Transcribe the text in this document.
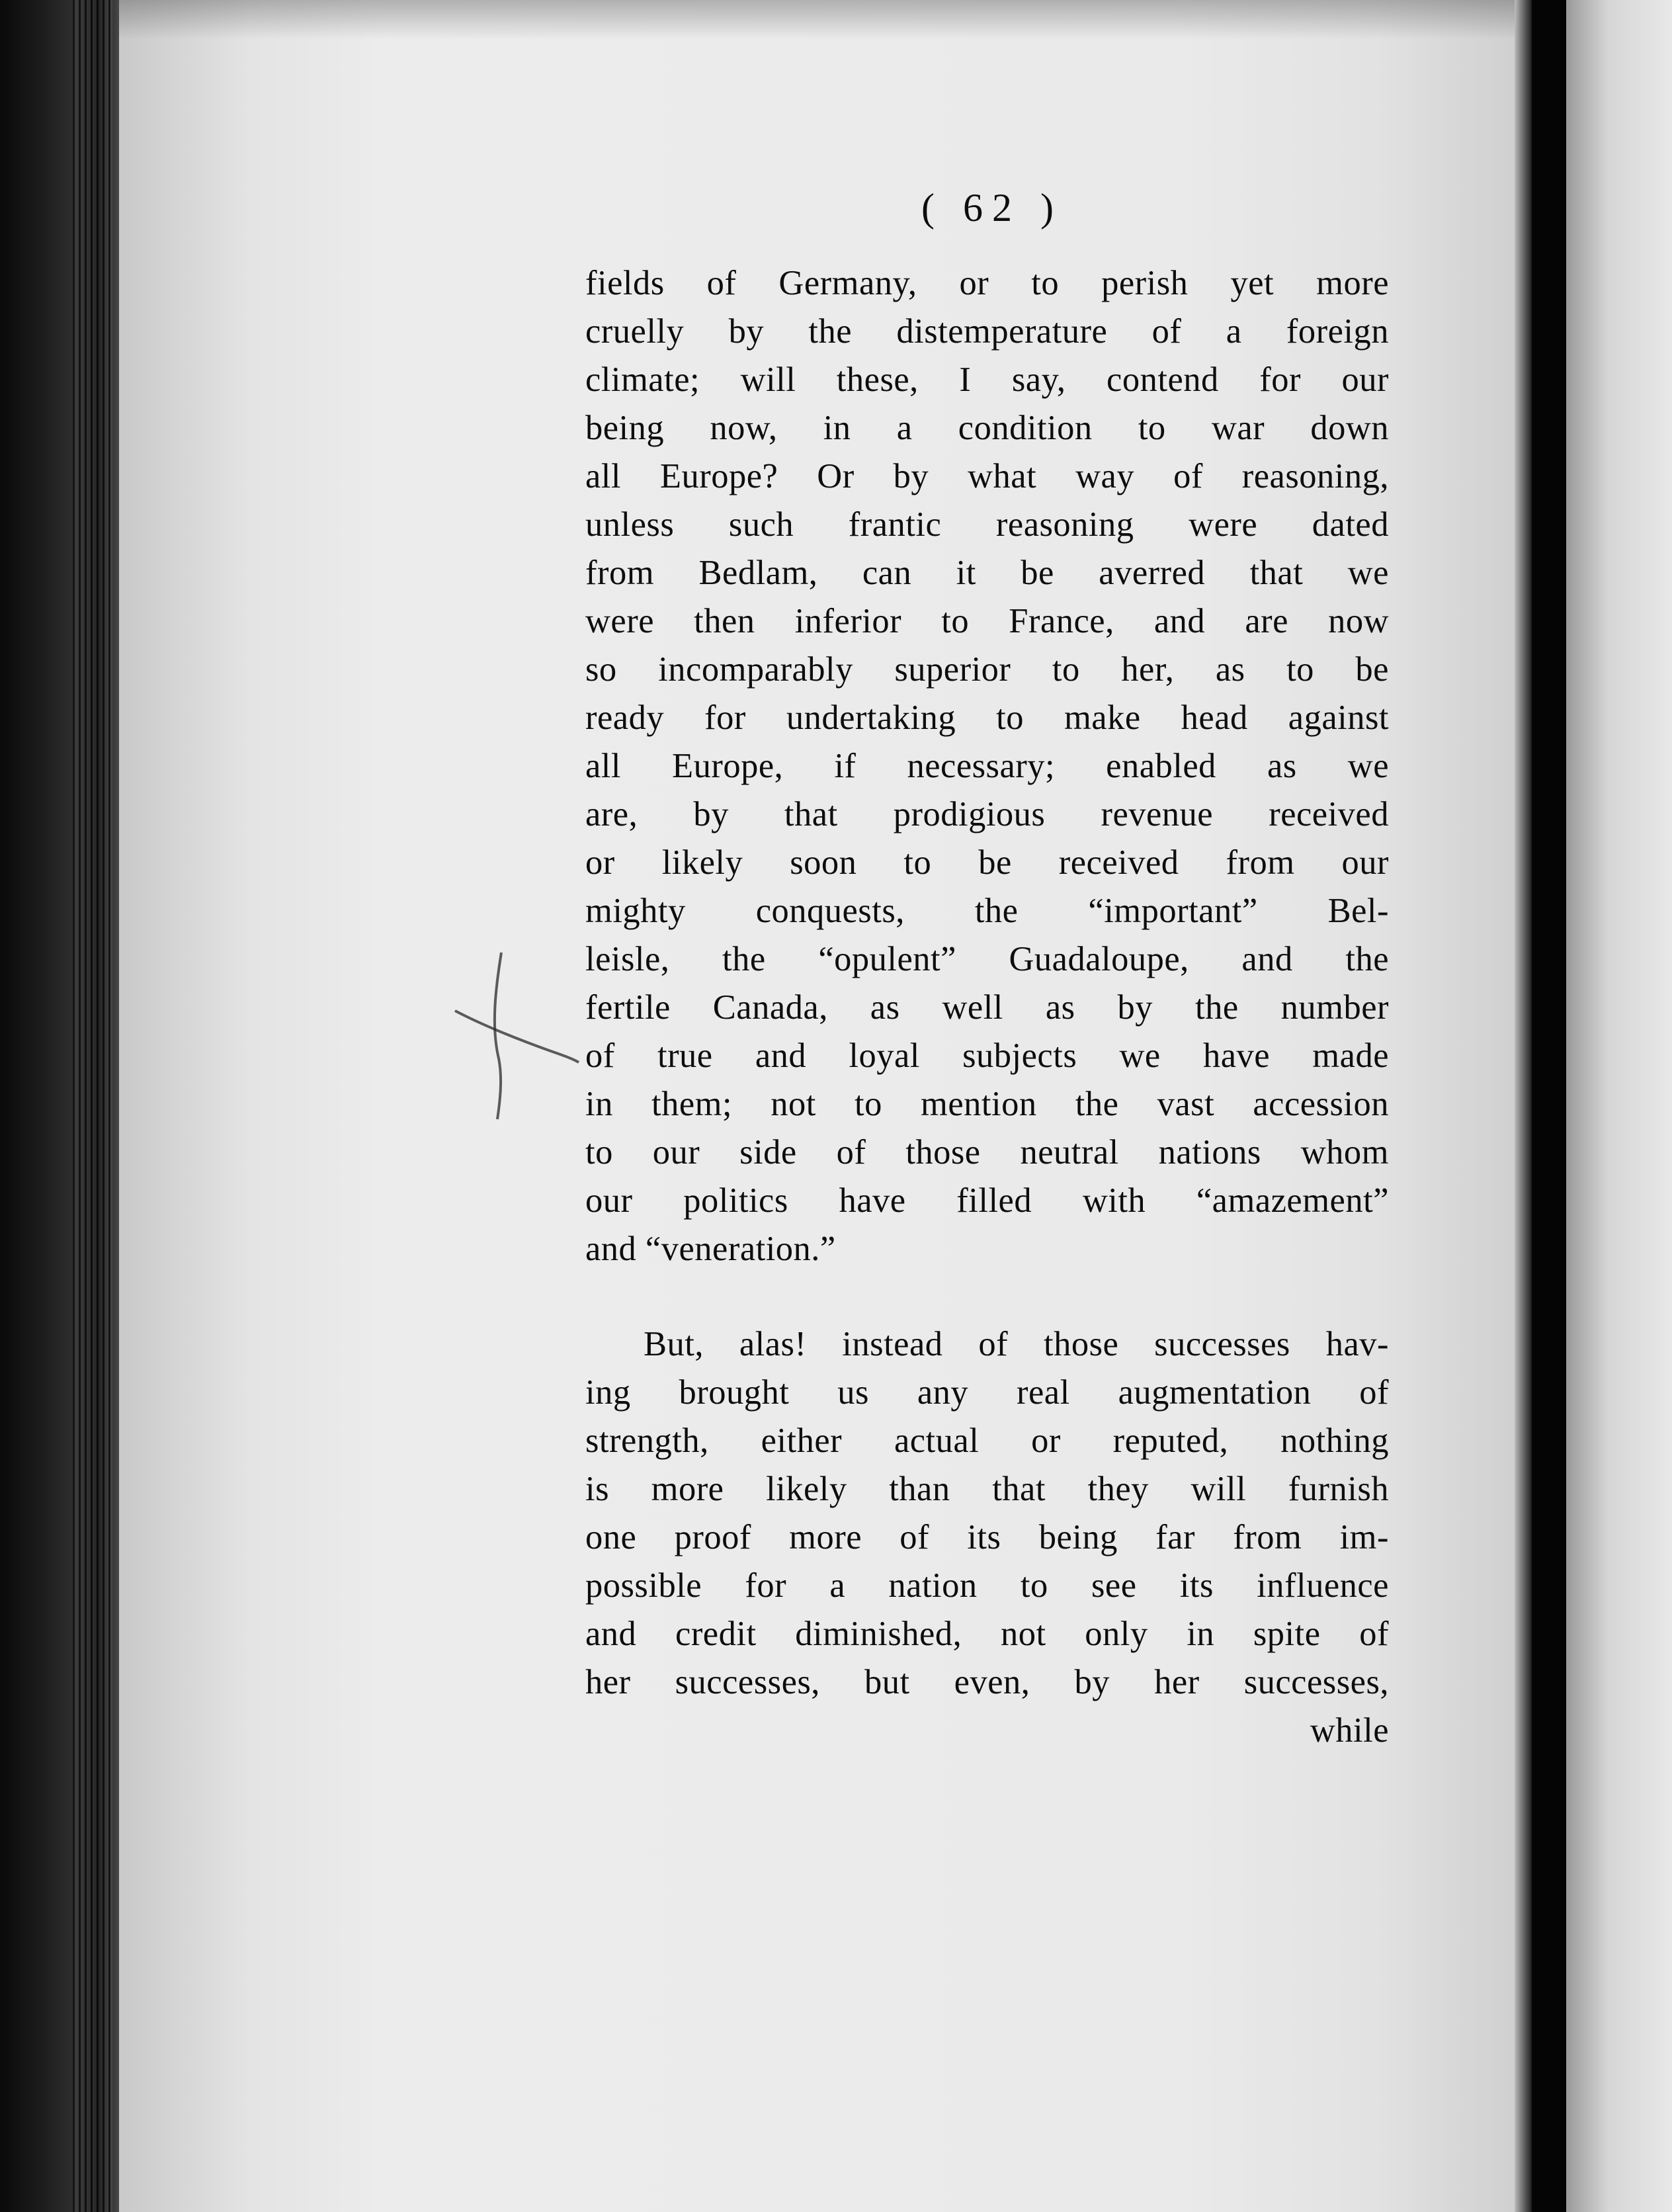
( 62 )
fields of Germany, or to perish yet more
cruelly by the distemperature of a foreign
climate; will these, I say, contend for our
being now, in a condition to war down
all Europe? Or by what way of reasoning,
unless such frantic reasoning were dated
from Bedlam, can it be averred that we
were then inferior to France, and are now
so incomparably superior to her, as to be
ready for undertaking to make head against
all Europe, if necessary; enabled as we
are, by that prodigious revenue received
or likely soon to be received from our
mighty conquests, the “important” Bel-
leisle, the “opulent” Guadaloupe, and the
fertile Canada, as well as by the number
of true and loyal subjects we have made
in them; not to mention the vast accession
to our side of those neutral nations whom
our politics have filled with “amazement”
and “veneration.”
But, alas! instead of those successes hav-
ing brought us any real augmentation of
strength, either actual or reputed, nothing
is more likely than that they will furnish
one proof more of its being far from im-
possible for a nation to see its influence
and credit diminished, not only in spite of
her successes, but even, by her successes,
while
